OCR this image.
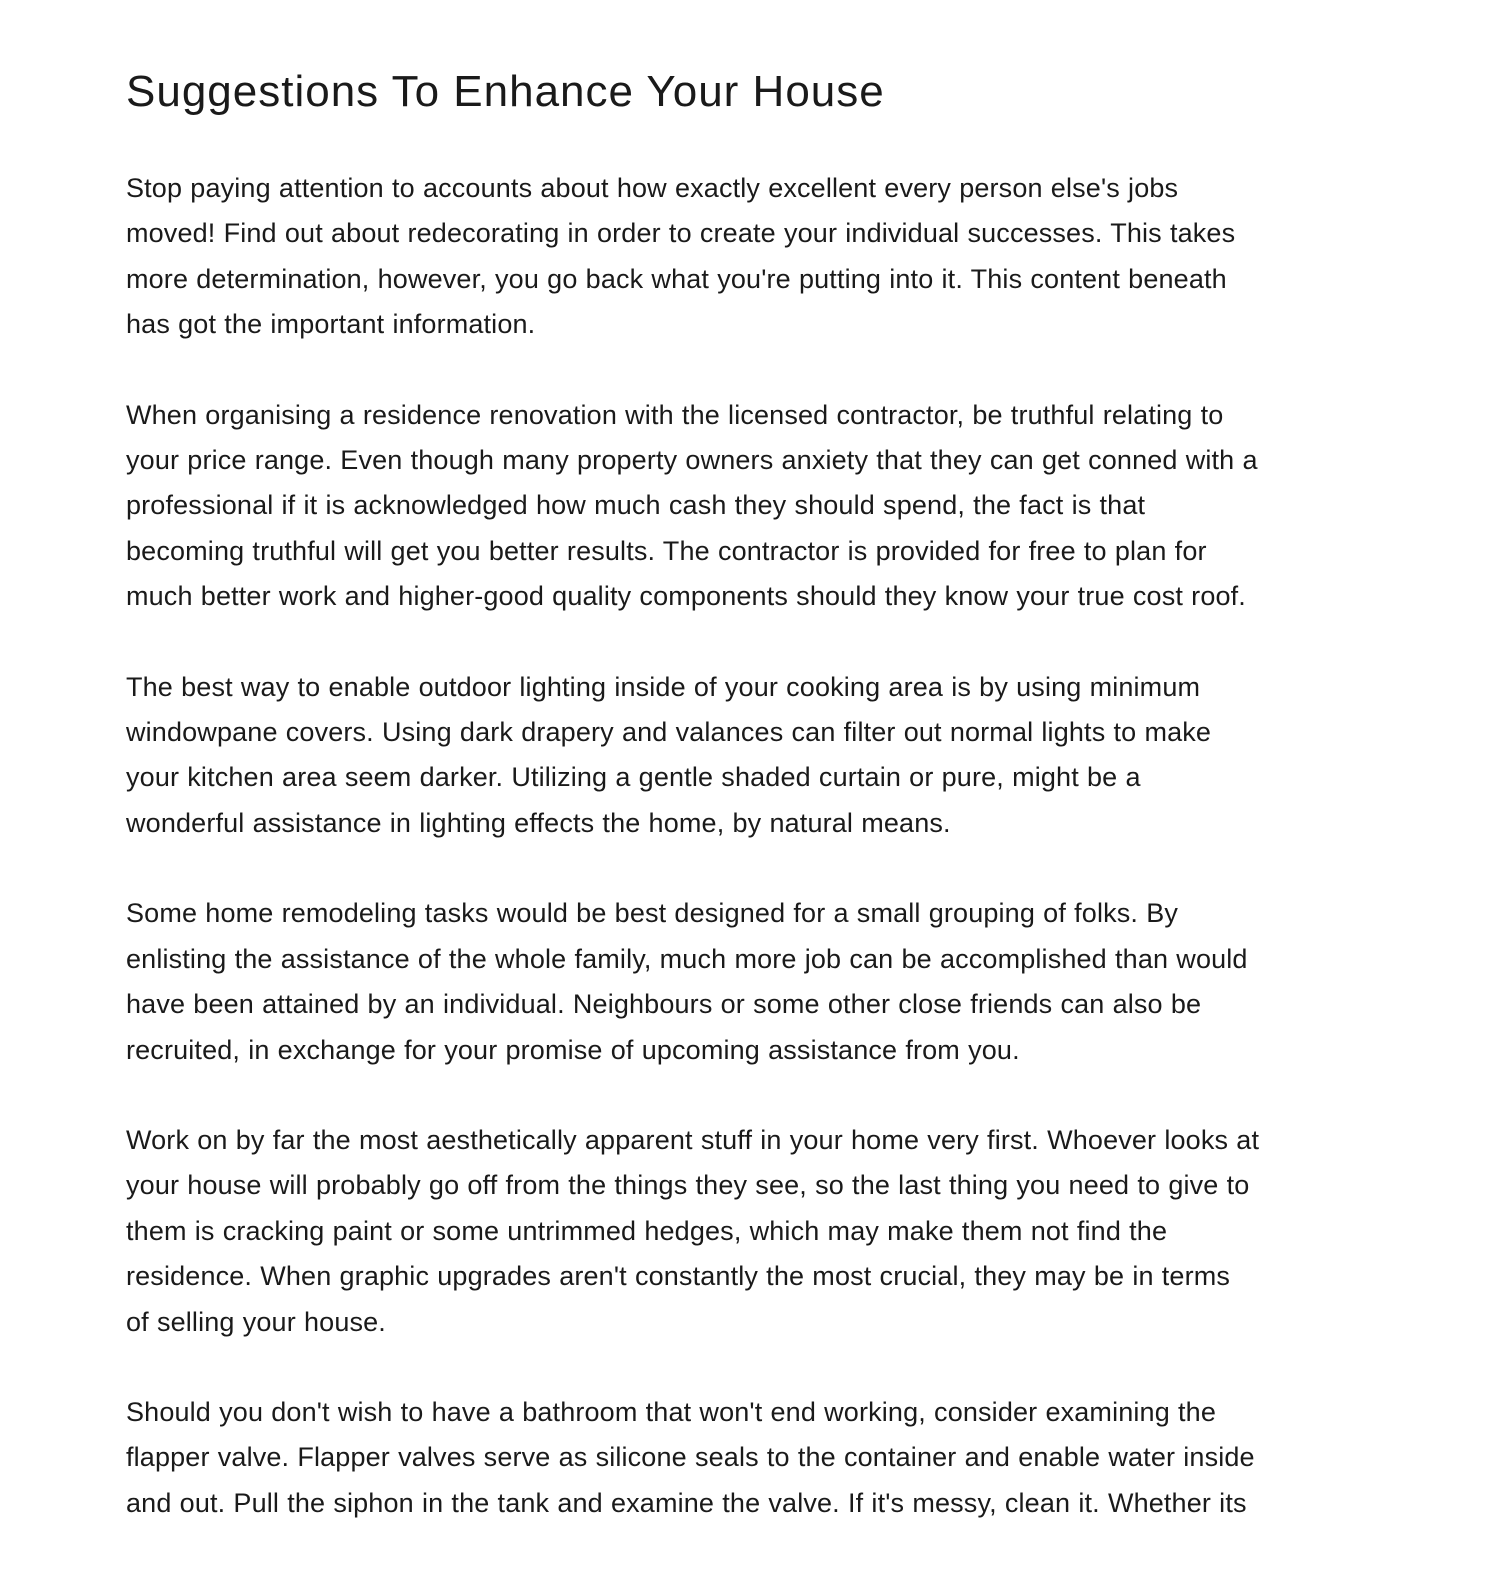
Suggestions To Enhance Your House

Stop paying attention to accounts about how exactly excellent every person else's jobs
moved! Find out about redecorating in order to create your individual successes. This takes
more determination, however, you go back what you're putting into it. This content beneath
has got the important information.

When organising a residence renovation with the licensed contractor, be truthful relating to
your price range. Even though many property owners anxiety that they can get conned with a
professional if it is acknowledged how much cash they should spend, the fact is that
becoming truthful will get you better results. The contractor is provided for free to plan for
much better work and higher-good quality components should they know your true cost roof.

The best way to enable outdoor lighting inside of your cooking area is by using minimum
windowpane covers. Using dark drapery and valances can filter out normal lights to make
your kitchen area seem darker. Utilizing a gentle shaded curtain or pure, might be a
wonderful assistance in lighting effects the home, by natural means.

Some home remodeling tasks would be best designed for a small grouping of folks. By
enlisting the assistance of the whole family, much more job can be accomplished than would
have been attained by an individual. Neighbours or some other close friends can also be
recruited, in exchange for your promise of upcoming assistance from you.

Work on by far the most aesthetically apparent stuff in your home very first. Whoever looks at
your house will probably go off from the things they see, so the last thing you need to give to
them is cracking paint or some untrimmed hedges, which may make them not find the
residence. When graphic upgrades aren't constantly the most crucial, they may be in terms
of selling your house.

Should you don't wish to have a bathroom that won't end working, consider examining the
flapper valve. Flapper valves serve as silicone seals to the container and enable water inside
and out. Pull the siphon in the tank and examine the valve. If it's messy, clean it. Whether its
